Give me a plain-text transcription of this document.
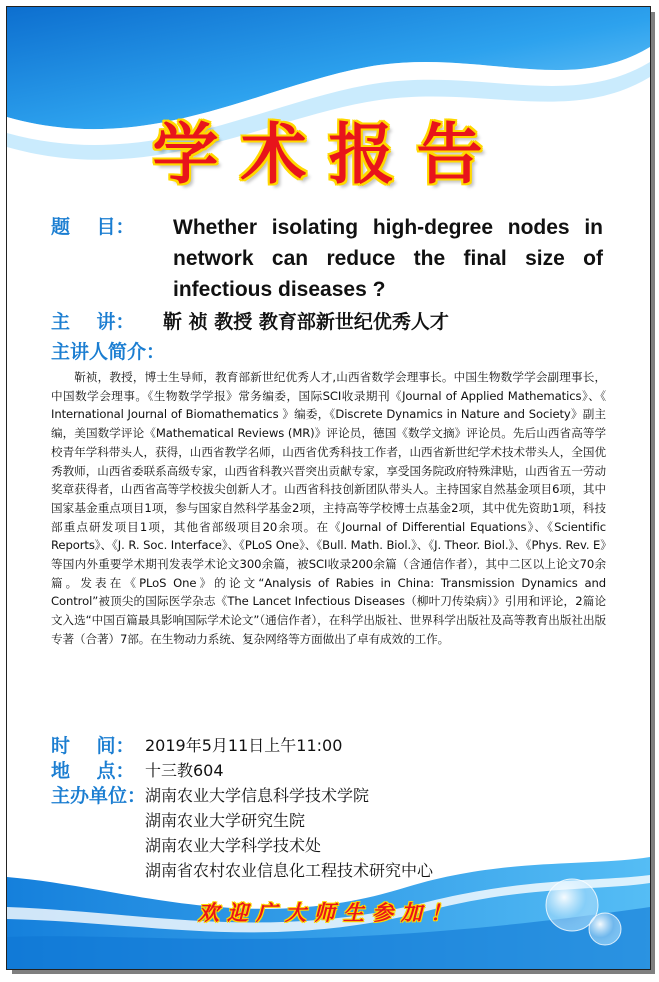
学术报告
题    目： Whether isolating high-degree nodes in network can reduce the final size of infectious diseases ?
主    讲： 靳 祯 教授 教育部新世纪优秀人才
主讲人简介：
靳祯，教授，博士生导师，教育部新世纪优秀人才,山西省数学会理事长。中国生物数学学会副理事长，中国数学会理事。《生物数学学报》常务编委，国际SCI收录期刊《Journal of Applied Mathematics》、《 International Journal of Biomathematics 》编委，《Discrete Dynamics in Nature and Society》副主编，美国数学评论《Mathematical Reviews (MR)》评论员，德国《数学文摘》评论员。先后山西省高等学校青年学科带头人，获得，山西省教学名师，山西省优秀科技工作者，山西省新世纪学术技术带头人，全国优秀教师，山西省委联系高级专家，山西省科教兴晋突出贡献专家，享受国务院政府特殊津贴，山西省五一劳动奖章获得者，山西省高等学校拔尖创新人才。山西省科技创新团队带头人。主持国家自然基金项目6项，其中国家基金重点项目1项，参与国家自然科学基金2项，主持高等学校博士点基金2项，其中优先资助1项，科技部重点研发项目1项，其他省部级项目20余项。在《Journal of Differential Equations》、《Scientific Reports》、《J. R. Soc. Interface》、《PLoS One》、《Bull. Math. Biol.》、《J. Theor. Biol.》、《Phys. Rev. E》等国内外重要学术期刊发表学术论文300余篇，被SCI收录200余篇（含通信作者），其中二区以上论文70余篇。发表在《PLoS One》的论文“Analysis of Rabies in China: Transmission Dynamics and Control”被顶尖的国际医学杂志《The Lancet Infectious Diseases（柳叶刀传染病）》引用和评论，2篇论文入选“中国百篇最具影响国际学术论文”（通信作者），在科学出版社、世界科学出版社及高等教育出版社出版专著（合著）7部。在生物动力系统、复杂网络等方面做出了卓有成效的工作。
时    间： 2019年5月11日上午11:00
地    点： 十三教604
主办单位：
湖南农业大学信息科学技术学院
湖南农业大学研究生院
湖南农业大学科学技术处
湖南省农村农业信息化工程技术研究中心
欢迎广大师生参加！
